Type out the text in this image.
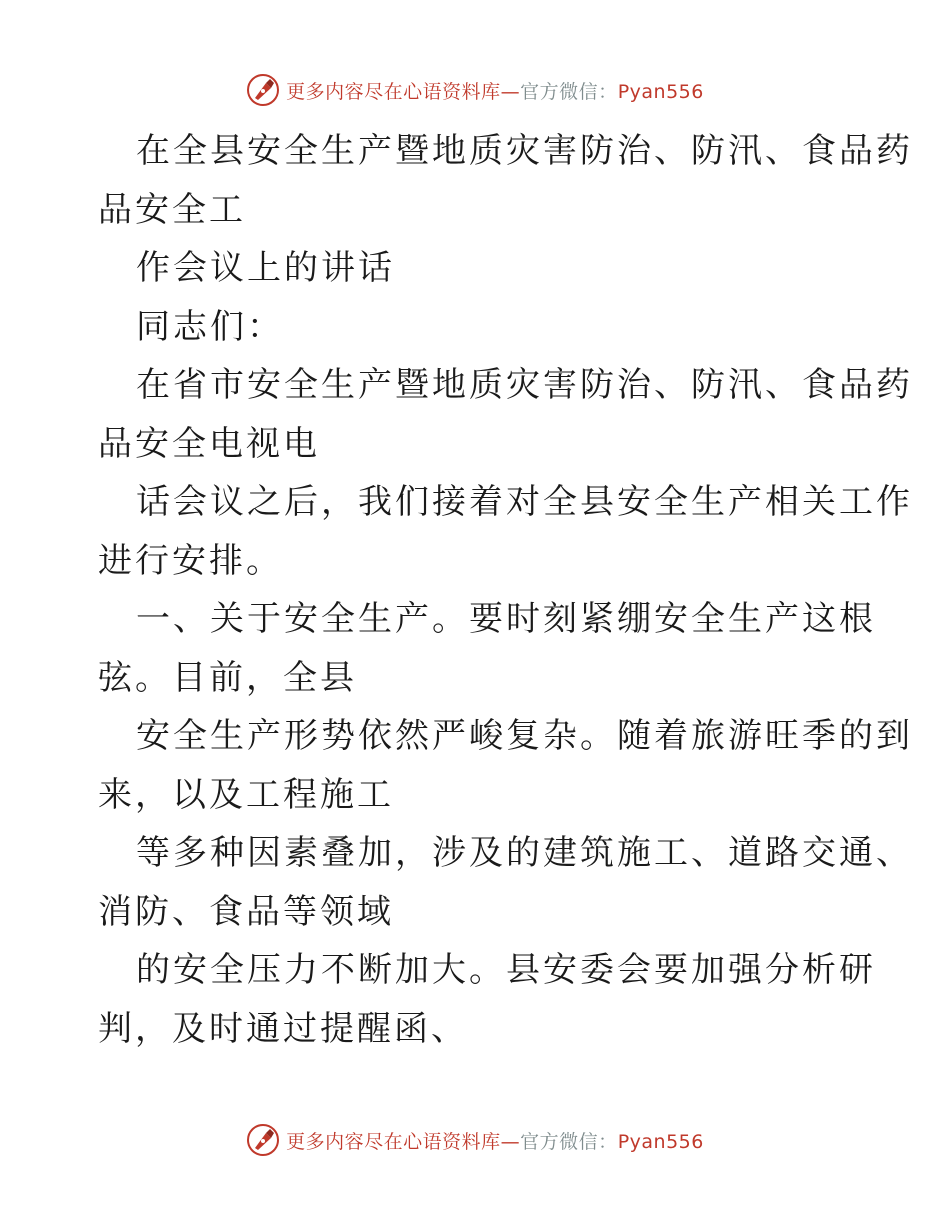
更多内容尽在心语资料库—官方微信：Pyan556
在全县安全生产暨地质灾害防治、防汛、食品药
品安全工
作会议上的讲话
同志们：
在省市安全生产暨地质灾害防治、防汛、食品药
品安全电视电
话会议之后，我们接着对全县安全生产相关工作
进行安排。
一、关于安全生产。要时刻紧绷安全生产这根
弦。目前，全县
安全生产形势依然严峻复杂。随着旅游旺季的到
来，以及工程施工
等多种因素叠加，涉及的建筑施工、道路交通、
消防、食品等领域
的安全压力不断加大。县安委会要加强分析研
判，及时通过提醒函、
更多内容尽在心语资料库—官方微信：Pyan556
